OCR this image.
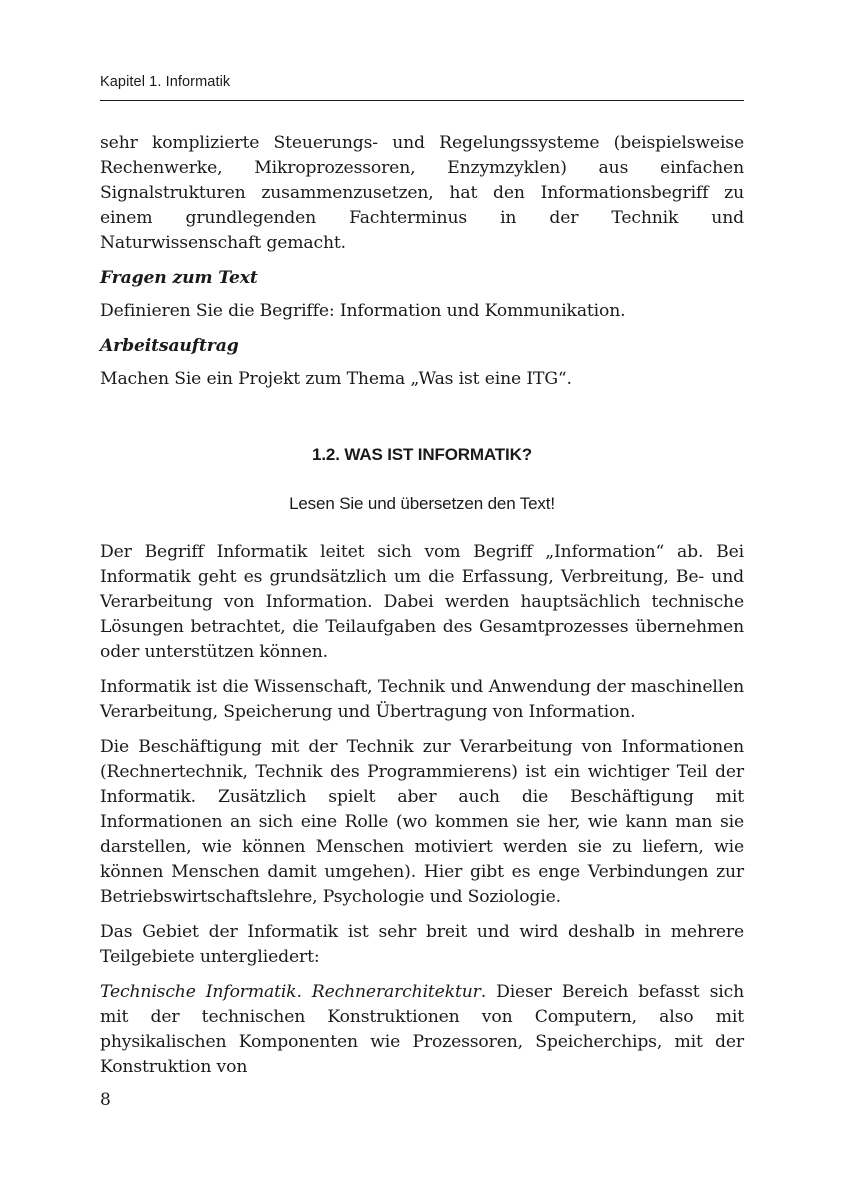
Kapitel 1. Informatik

sehr komplizierte Steuerungs- und Regelungssysteme (beispielsweise Rechenwerke, Mikroprozessoren, Enzymzyklen) aus einfachen Signalstrukturen zusammenzusetzen, hat den Informationsbegriff zu einem grundlegenden Fachterminus in der Technik und Naturwissenschaft gemacht.

Fragen zum Text

Definieren Sie die Begriffe: Information und Kommunikation.

Arbeitsauftrag

Machen Sie ein Projekt zum Thema „Was ist eine ITG“.

1.2. WAS IST INFORMATIK?
Lesen Sie und übersetzen den Text!

Der Begriff Informatik leitet sich vom Begriff „Information“ ab. Bei Informatik geht es grundsätzlich um die Erfassung, Verbreitung, Be- und Verarbeitung von Information. Dabei werden hauptsächlich technische Lösungen betrachtet, die Teilaufgaben des Gesamtprozesses übernehmen oder unterstützen können.

Informatik ist die Wissenschaft, Technik und Anwendung der maschinellen Verarbeitung, Speicherung und Übertragung von Information.

Die Beschäftigung mit der Technik zur Verarbeitung von Informationen (Rechnertechnik, Technik des Programmierens) ist ein wichtiger Teil der Informatik. Zusätzlich spielt aber auch die Beschäftigung mit Informationen an sich eine Rolle (wo kommen sie her, wie kann man sie darstellen, wie können Menschen motiviert werden sie zu liefern, wie können Menschen damit umgehen). Hier gibt es enge Verbindungen zur Betriebswirtschaftslehre, Psychologie und Soziologie.

Das Gebiet der Informatik ist sehr breit und wird deshalb in mehrere Teilgebiete untergliedert:

Technische Informatik. Rechnerarchitektur. Dieser Bereich befasst sich mit der technischen Konstruktionen von Computern, also mit physikalischen Komponenten wie Prozessoren, Speicherchips, mit der Konstruktion von

8
